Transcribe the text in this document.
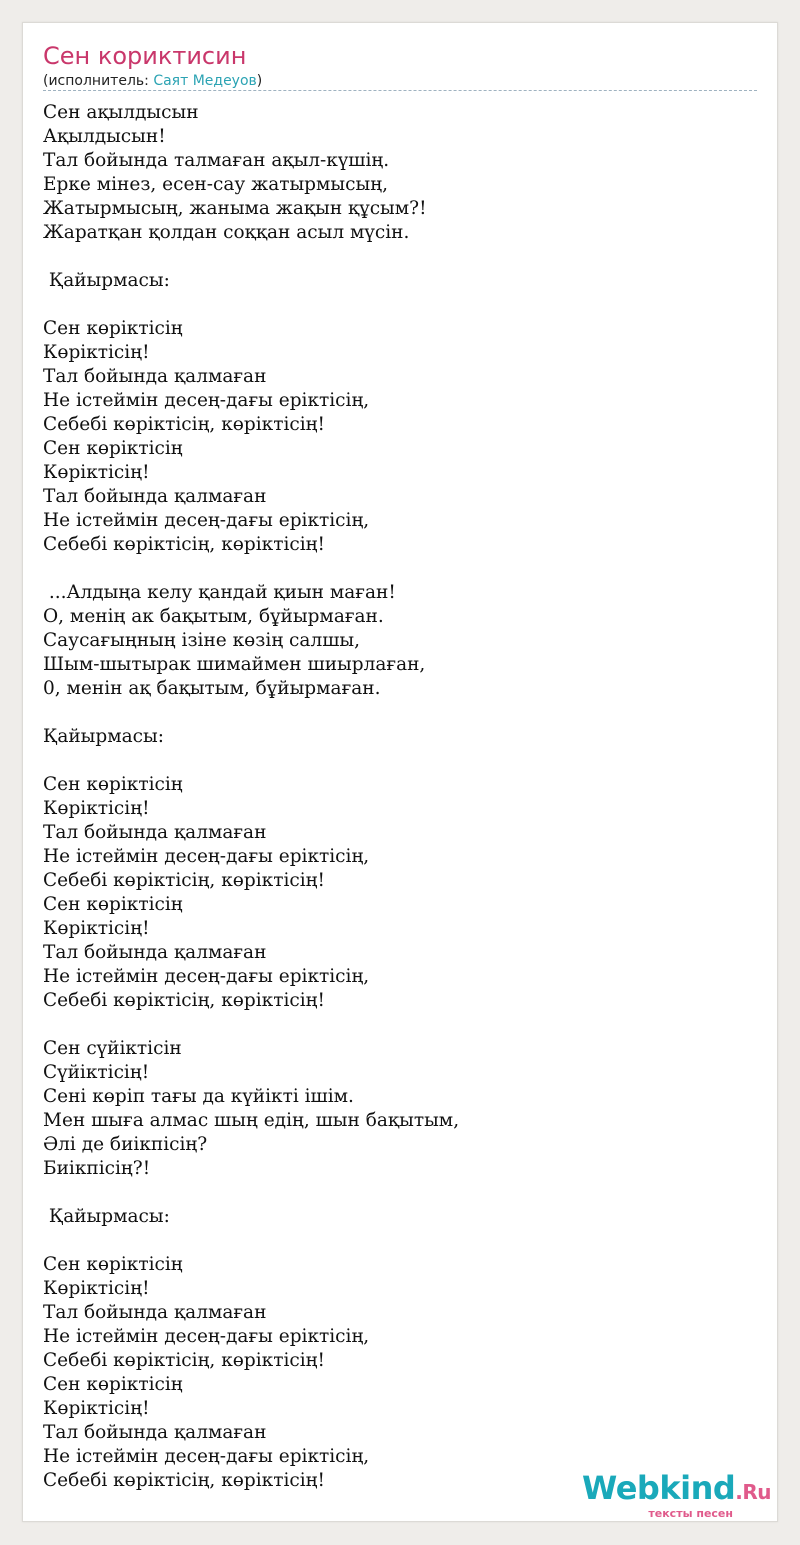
Сен кориктисин
(исполнитель: Саят Медеуов)
Сен ақылдысын
Ақылдысын!
Тал бойында талмаған ақыл-күшің.
Ерке мінез, есен-сау жатырмысың,
Жатырмысың, жаныма жақын құсым?!
Жаратқан қолдан соққан асыл мүсін.

Қайырмасы:

Сен көріктісің
Көріктісің!
Тал бойында қалмаған
Не істеймін десең-дағы еріктісің,
Себебі көріктісің, көріктісің!
Сен көріктісің
Көріктісің!
Тал бойында қалмаған
Не істеймін десең-дағы еріктісің,
Себебі көріктісің, көріктісің!

...Алдыңа келу қандай қиын маған!
О, менің ак бақытым, бұйырмаған.
Саусағыңның ізіне көзің салшы,
Шым-шытырак шимаймен шиырлаған,
0, менін ақ бақытым, бұйырмаған.

Қайырмасы:

Сен көріктісің
Көріктісің!
Тал бойында қалмаған
Не істеймін десең-дағы еріктісің,
Себебі көріктісің, көріктісің!
Сен көріктісің
Көріктісің!
Тал бойында қалмаған
Не істеймін десең-дағы еріктісің,
Себебі көріктісің, көріктісің!

Сен сүйіктісін
Сүйіктісің!
Сені көріп тағы да күйікті ішім.
Мен шыға алмас шың едің, шын бақытым,
Әлі де биікпісің?
Биікпісің?!

Қайырмасы:

Сен көріктісің
Көріктісің!
Тал бойында қалмаған
Не істеймін десең-дағы еріктісің,
Себебі көріктісің, көріктісің!
Сен көріктісің
Көріктісің!
Тал бойында қалмаған
Не істеймін десең-дағы еріктісің,
Себебі көріктісің, көріктісің!	Webkind.Ru
тексты песен
